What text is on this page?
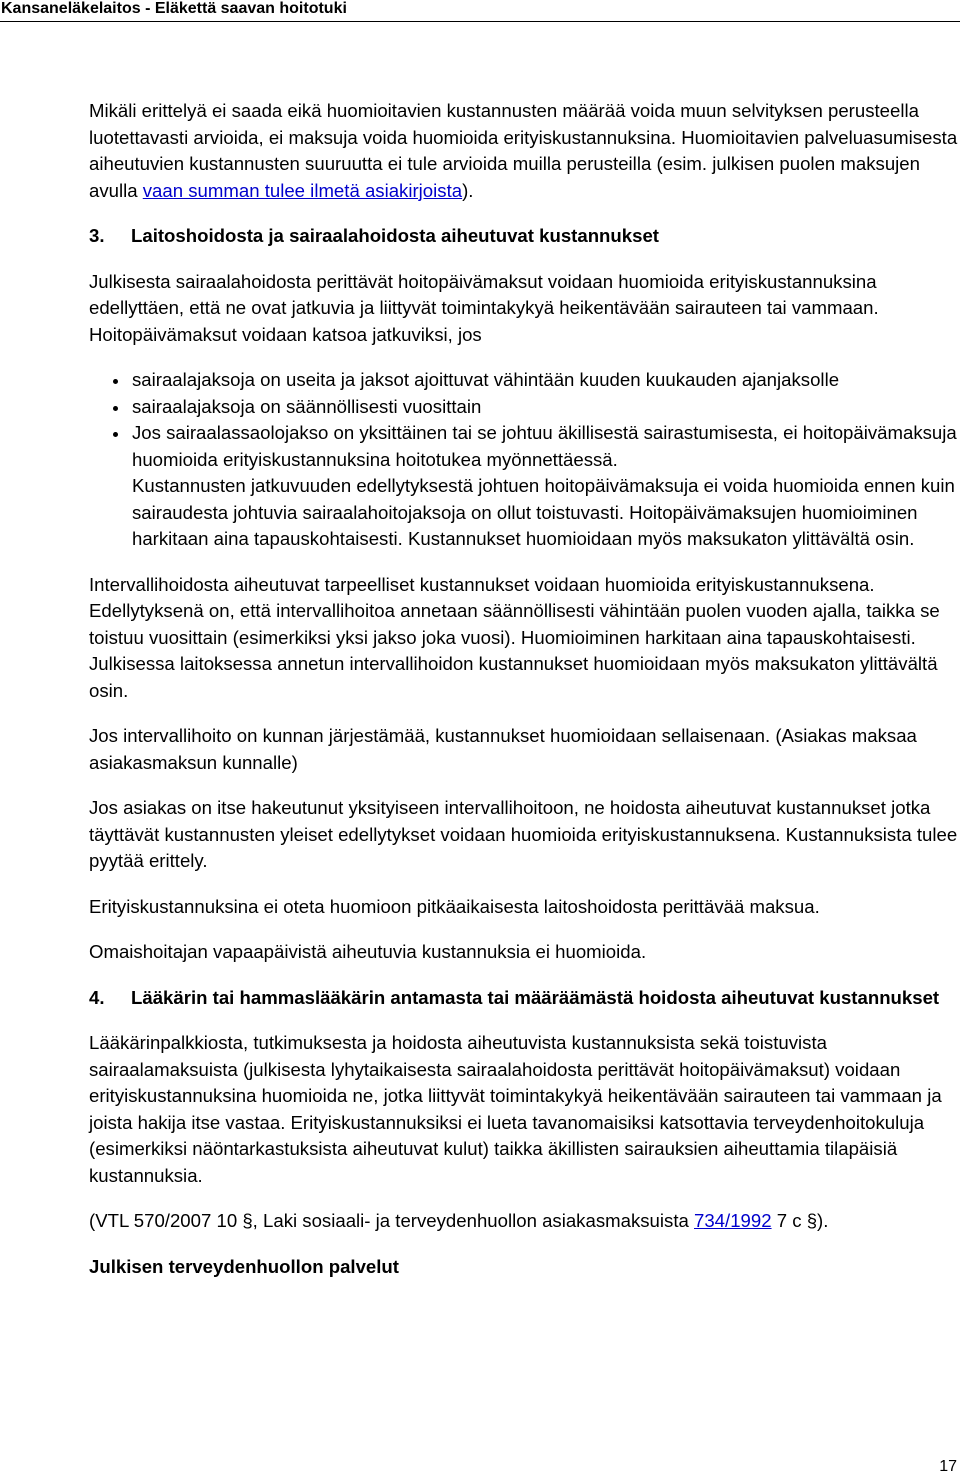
Kansaneläkelaitos - Eläkettä saavan hoitotuki

Mikäli erittelyä ei saada eikä huomioitavien kustannusten määrää voida muun selvityksen perusteella luotettavasti arvioida, ei maksuja voida huomioida erityiskustannuksina. Huomioitavien palveluasumisesta aiheutuvien kustannusten suuruutta ei tule arvioida muilla perusteilla (esim. julkisen puolen maksujen avulla vaan summan tulee ilmetä asiakirjoista).

3. Laitoshoidosta ja sairaalahoidosta aiheutuvat kustannukset

Julkisesta sairaalahoidosta perittävät hoitopäivämaksut voidaan huomioida erityiskustannuksina edellyttäen, että ne ovat jatkuvia ja liittyvät toimintakykyä heikentävään sairauteen tai vammaan. Hoitopäivämaksut voidaan katsoa jatkuviksi, jos

sairaalajaksoja on useita ja jaksot ajoittuvat vähintään kuuden kuukauden ajanjaksolle
sairaalajaksoja on säännöllisesti vuosittain
Jos sairaalassaolojakso on yksittäinen tai se johtuu äkillisestä sairastumisesta, ei hoitopäivämaksuja huomioida erityiskustannuksina hoitotukea myönnettäessä.

Kustannusten jatkuvuuden edellytyksestä johtuen hoitopäivämaksuja ei voida huomioida ennen kuin sairaudesta johtuvia sairaalahoitojaksoja on ollut toistuvasti. Hoitopäivämaksujen huomioiminen harkitaan aina tapauskohtaisesti. Kustannukset huomioidaan myös maksukaton ylittävältä osin.

Intervallihoidosta aiheutuvat tarpeelliset kustannukset voidaan huomioida erityiskustannuksena. Edellytyksenä on, että intervallihoitoa annetaan säännöllisesti vähintään puolen vuoden ajalla, taikka se toistuu vuosittain (esimerkiksi yksi jakso joka vuosi). Huomioiminen harkitaan aina tapauskohtaisesti. Julkisessa laitoksessa annetun intervallihoidon kustannukset huomioidaan myös maksukaton ylittävältä osin.

Jos intervallihoito on kunnan järjestämää, kustannukset huomioidaan sellaisenaan. (Asiakas maksaa asiakasmaksun kunnalle)

Jos asiakas on itse hakeutunut yksityiseen intervallihoitoon, ne hoidosta aiheutuvat kustannukset jotka täyttävät kustannusten yleiset edellytykset voidaan huomioida erityiskustannuksena. Kustannuksista tulee pyytää erittely.

Erityiskustannuksina ei oteta huomioon pitkäaikaisesta laitoshoidosta perittävää maksua.

Omaishoitajan vapaapäivistä aiheutuvia kustannuksia ei huomioida.

4. Lääkärin tai hammaslääkärin antamasta tai määräämästä hoidosta aiheutuvat kustannukset

Lääkärinpalkkiosta, tutkimuksesta ja hoidosta aiheutuvista kustannuksista sekä toistuvista sairaalamaksuista (julkisesta lyhytaikaisesta sairaalahoidosta perittävät hoitopäivämaksut) voidaan erityiskustannuksina huomioida ne, jotka liittyvät toimintakykyä heikentävään sairauteen tai vammaan ja joista hakija itse vastaa. Erityiskustannuksiksi ei lueta tavanomaisiksi katsottavia terveydenhoitokuluja (esimerkiksi näöntarkastuksista aiheutuvat kulut) taikka äkillisten sairauksien aiheuttamia tilapäisiä kustannuksia.

(VTL 570/2007 10 §, Laki sosiaali- ja terveydenhuollon asiakasmaksuista 734/1992 7 c §).

Julkisen terveydenhuollon palvelut

17
